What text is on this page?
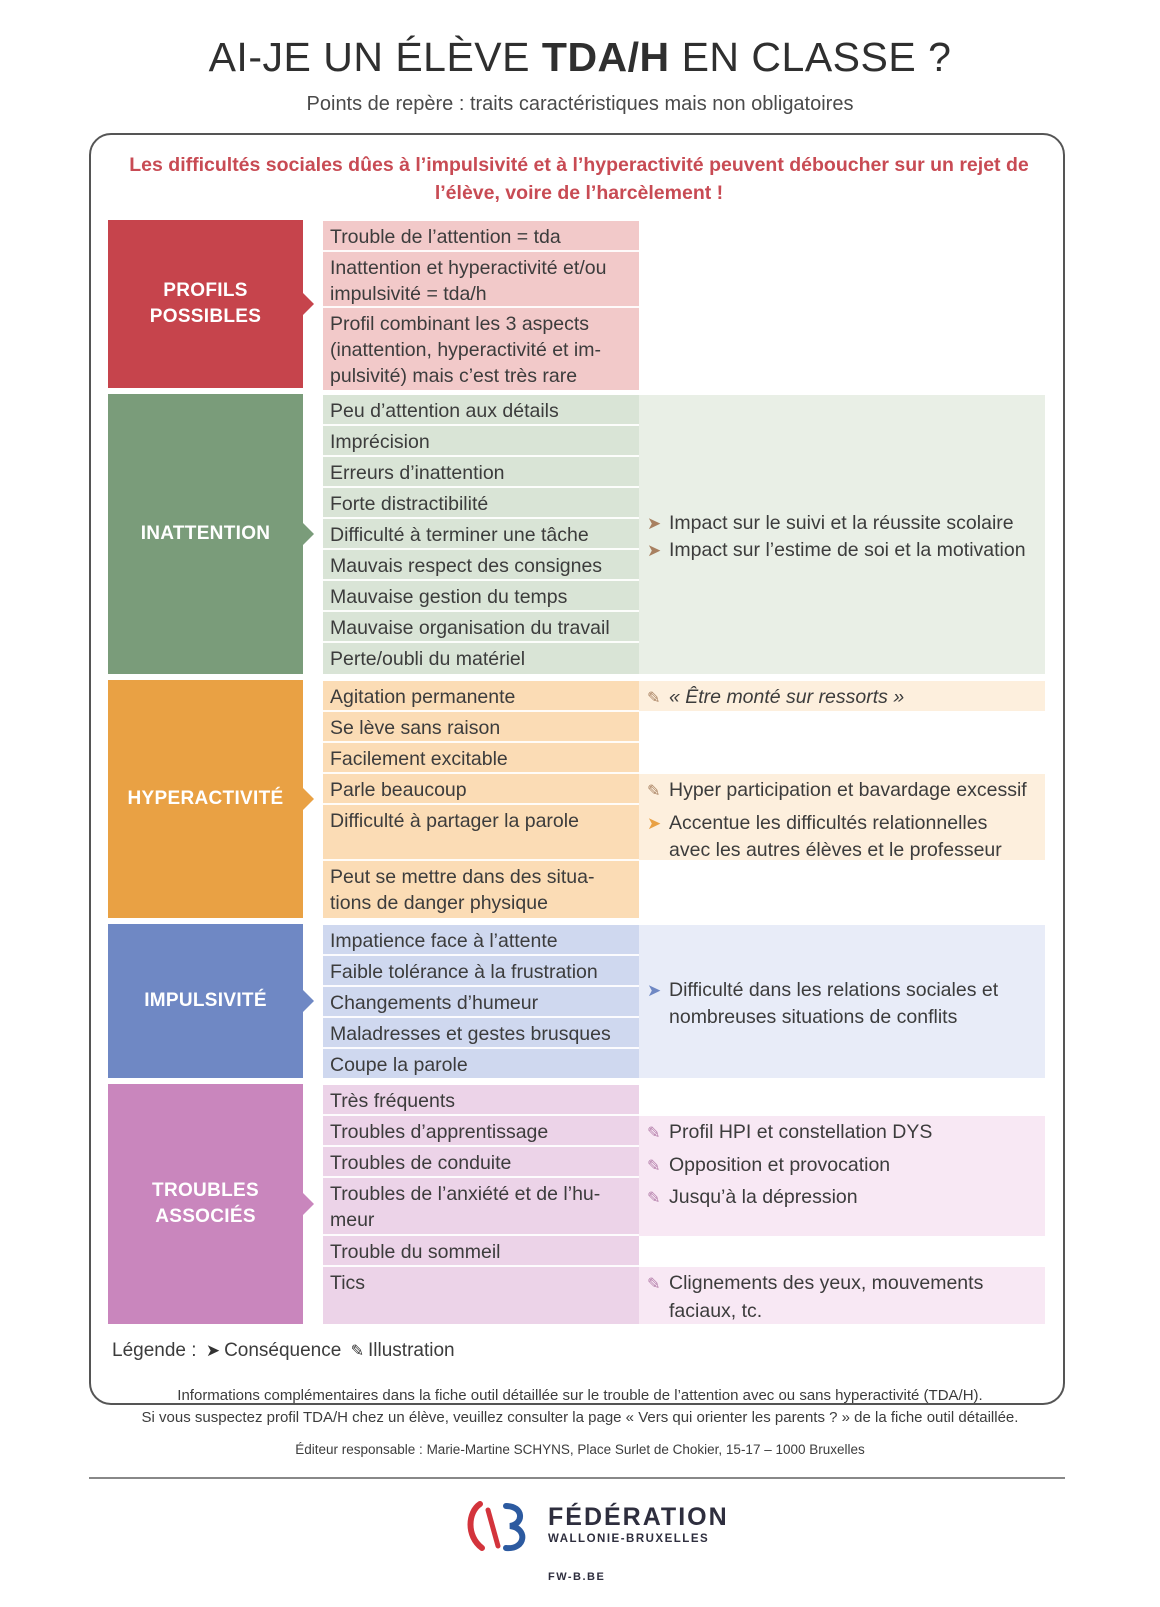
AI-JE UN ÉLÈVE TDA/H EN CLASSE ?
Points de repère : traits caractéristiques mais non obligatoires
Les difficultés sociales dûes à l’impulsivité et à l’hyperactivité peuvent déboucher sur un rejet de l’élève, voire de l’harcèlement !
PROFILS
POSSIBLES
Trouble de l’attention = tda
Inattention et hyperactivité et/ou impulsivité = tda/h
Profil combinant les 3 aspects (inattention, hyperactivité et im-pulsivité) mais c’est très rare
INATTENTION
Peu d’attention aux détails
Imprécision
Erreurs d’inattention
Forte distractibilité
Difficulté à terminer une tâche
Mauvais respect des consignes
Mauvaise gestion du temps
Mauvaise organisation du travail
Perte/oubli du matériel
➤ Impact sur le suivi et la réussite scolaire
➤ Impact sur l’estime de soi et la motivation
HYPERACTIVITÉ
Agitation permanente
Se lève sans raison
Facilement excitable
Parle beaucoup
Difficulté à partager la parole
Peut se mettre dans des situa-tions de danger physique
✎ « Être monté sur ressorts »
✎ Hyper participation et bavardage excessif
➤ Accentue les difficultés relationnelles
avec les autres élèves et le professeur
IMPULSIVITÉ
Impatience face à l’attente
Faible tolérance à la frustration
Changements d’humeur
Maladresses et gestes brusques
Coupe la parole
➤ Difficulté dans les relations sociales et
nombreuses situations de conflits
TROUBLES
ASSOCIÉS
Très fréquents
Troubles d’apprentissage
Troubles de conduite
Troubles de l’anxiété et de l’hu-meur
Trouble du sommeil
Tics
✎ Profil HPI et constellation DYS
✎ Opposition et provocation
✎ Jusqu’à la dépression
✎ Clignements des yeux, mouvements
faciaux, tc.
Légende : ➤ Conséquence ✎ Illustration
Informations complémentaires dans la fiche outil détaillée sur le trouble de l’attention avec ou sans hyperactivité (TDA/H).
Si vous suspectez profil TDA/H chez un élève, veuillez consulter la page « Vers qui orienter les parents ? » de la fiche outil détaillée.
Éditeur responsable : Marie-Martine SCHYNS, Place Surlet de Chokier, 15-17 – 1000 Bruxelles
FÉDÉRATION
WALLONIE-BRUXELLES
FW-B.BE
